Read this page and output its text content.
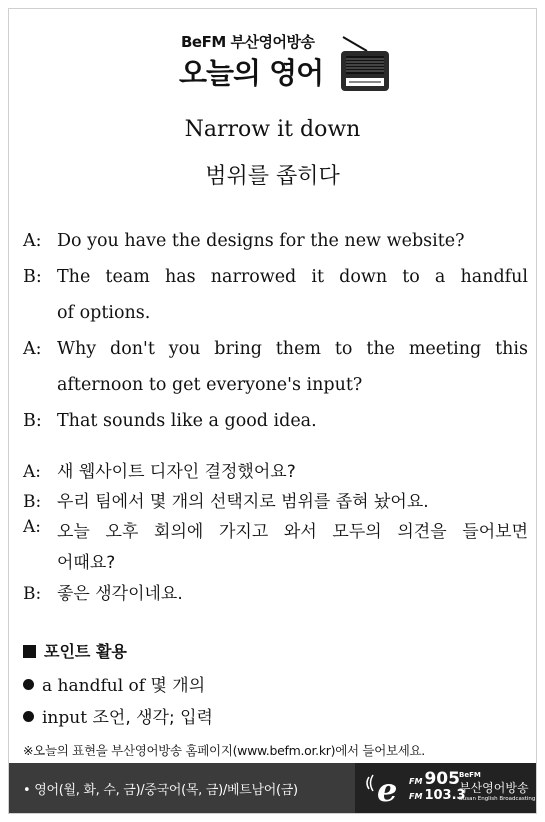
BeFM 부산영어방송
오늘의 영어
Narrow it down
범위를 좁히다
A: Do you have the designs for the new website?
B: The team has narrowed it down to a handful
of options.
A: Why don't you bring them to the meeting this
afternoon to get everyone's input?
B: That sounds like a good idea.
A: 새 웹사이트 디자인 결정했어요?
B: 우리 팀에서 몇 개의 선택지로 범위를 좁혀 놨어요.
A: 오늘 오후 회의에 가지고 와서 모두의 의견을 들어보면
어때요?
B: 좋은 생각이네요.
포인트 활용
a handful of 몇 개의
input 조언, 생각; 입력
※오늘의 표현을 부산영어방송 홈페이지(www.befm.or.kr)에서 들어보세요.
• 영어(월, 화, 수, 금)/중국어(목, 금)/베트남어(금) e FM 905
FM 103.3
BeFM
부산영어방송
Busan English Broadcasting
